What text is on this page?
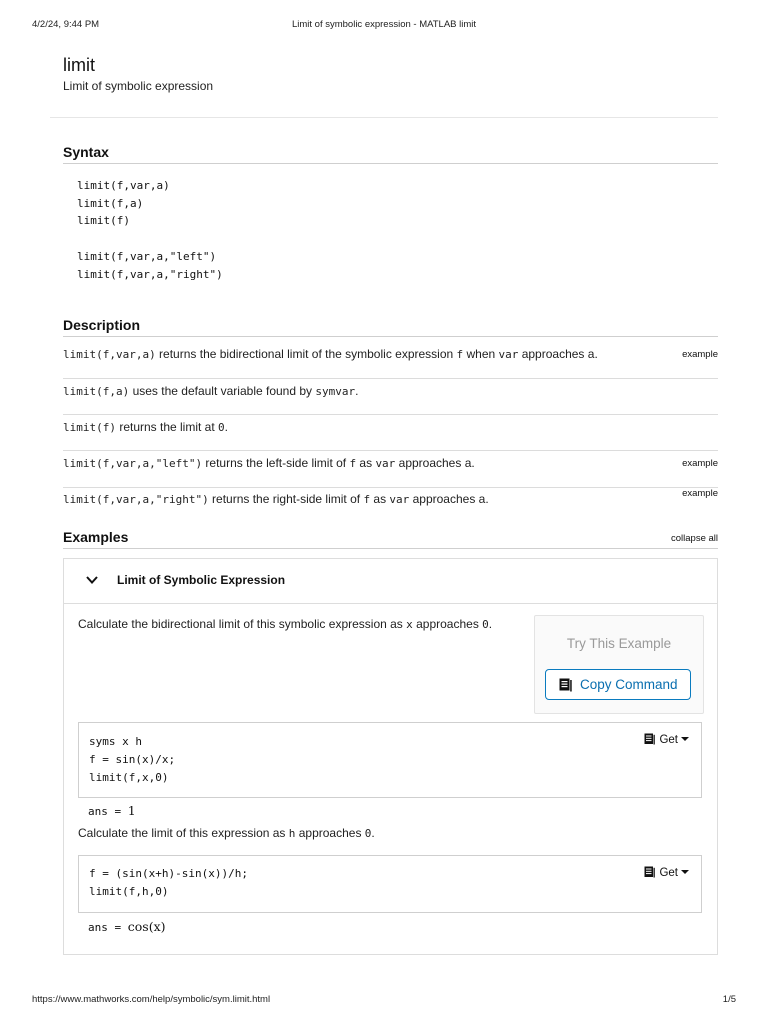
4/2/24, 9:44 PM	Limit of symbolic expression - MATLAB limit
limit
Limit of symbolic expression
Syntax
limit(f,var,a)
limit(f,a)
limit(f)
limit(f,var,a,"left")
limit(f,var,a,"right")
Description
limit(f,var,a) returns the bidirectional limit of the symbolic expression f when var approaches a.	example
limit(f,a) uses the default variable found by symvar.
limit(f) returns the limit at 0.
limit(f,var,a,"left") returns the left-side limit of f as var approaches a.	example
limit(f,var,a,"right") returns the right-side limit of f as var approaches a.	example
Examples	collapse all
Limit of Symbolic Expression
Calculate the bidirectional limit of this symbolic expression as x approaches 0.
Try This Example
Copy Command
syms x h
f = sin(x)/x;
limit(f,x,0)
Get
ans = 1
Calculate the limit of this expression as h approaches 0.
f = (sin(x+h)-sin(x))/h;
limit(f,h,0)
Get
ans = cos(x)
https://www.mathworks.com/help/symbolic/sym.limit.html	1/5
